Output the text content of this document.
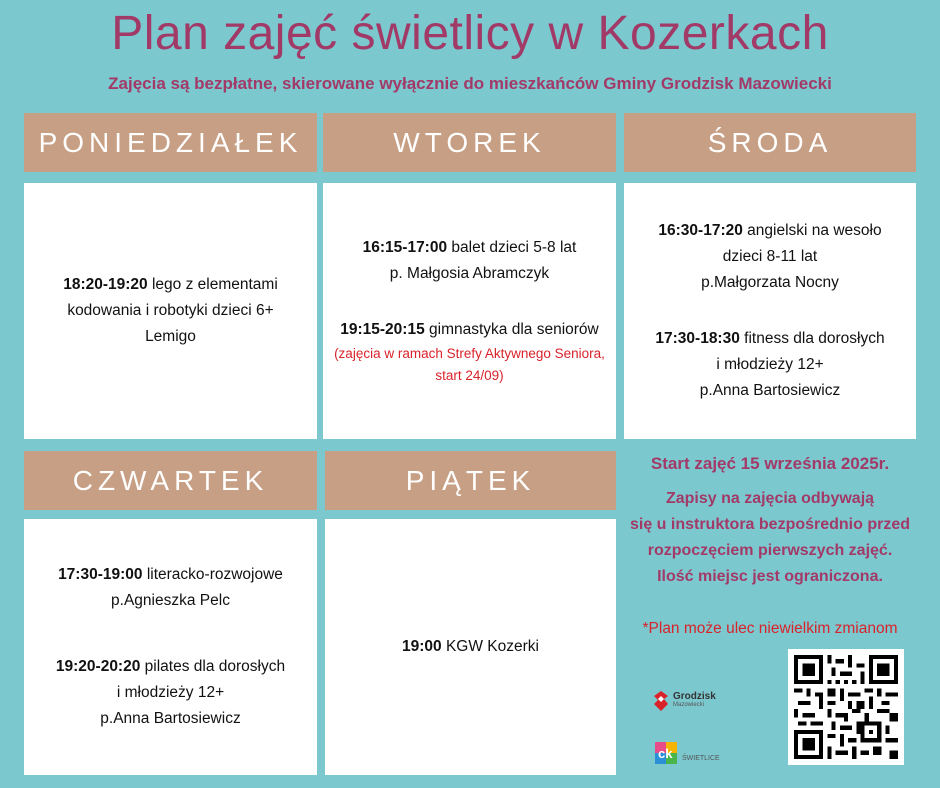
Plan zajęć świetlicy w Kozerkach
Zajęcia są bezpłatne, skierowane wyłącznie do mieszkańców Gminy Grodzisk Mazowiecki
PONIEDZIAŁEK	WTOREK	ŚRODA
18:20-19:20 lego z elementami
kodowania i robotyki dzieci 6+
Lemigo
16:15-17:00 balet dzieci 5-8 lat
p. Małgosia Abramczyk
19:15-20:15 gimnastyka dla seniorów
(zajęcia w ramach Strefy Aktywnego Seniora,
start 24/09)
16:30-17:20 angielski na wesoło
dzieci 8-11 lat
p.Małgorzata Nocny
17:30-18:30 fitness dla dorosłych
i młodzieży 12+
p.Anna Bartosiewicz
CZWARTEK	PIĄTEK
17:30-19:00 literacko-rozwojowe
p.Agnieszka Pelc
19:20-20:20 pilates dla dorosłych
i młodzieży 12+
p.Anna Bartosiewicz
19:00 KGW Kozerki
Start zajęć 15 września 2025r.
Zapisy na zajęcia odbywają
się u instruktora bezpośrednio przed
rozpoczęciem pierwszych zajęć.
Ilość miejsc jest ograniczona.
*Plan może ulec niewielkim zmianom
Grodzisk
Mazowiecki
ck ŚWIETLICE
